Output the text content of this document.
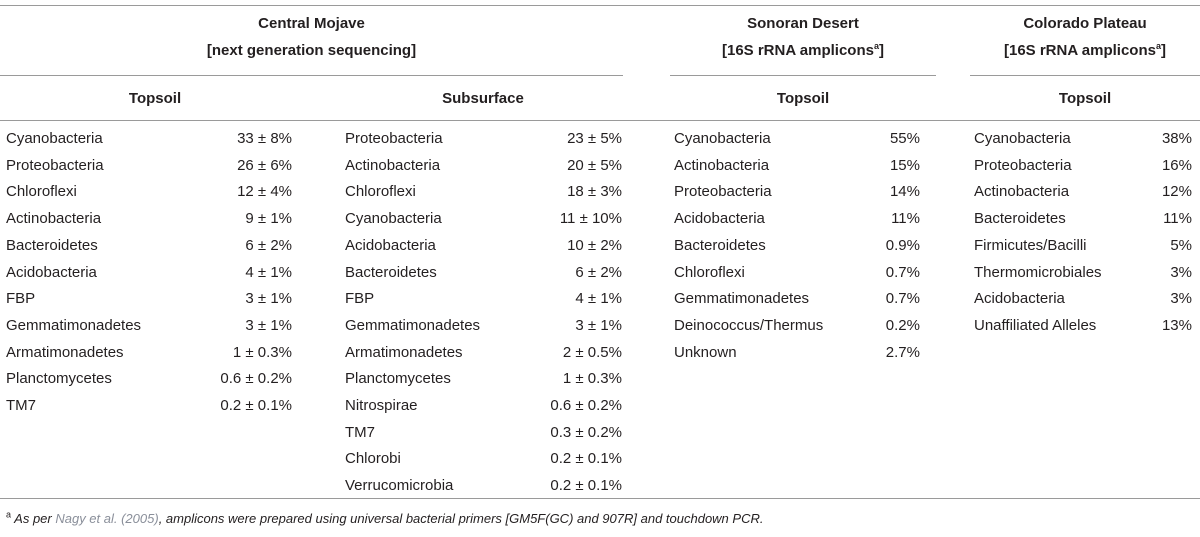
Central Mojave
[next generation sequencing]
Sonoran Desert
[16S rRNA amplicons$^a$]
Colorado Plateau
[16S rRNA amplicons$^a$]
Topsoil	Subsurface	Topsoil	Topsoil
Cyanobacteria	33 ± 8%
Proteobacteria	26 ± 6%
Chloroflexi	12 ± 4%
Actinobacteria	9 ± 1%
Bacteroidetes	6 ± 2%
Acidobacteria	4 ± 1%
FBP	3 ± 1%
Gemmatimonadetes	3 ± 1%
Armatimonadetes	1 ± 0.3%
Planctomycetes	0.6 ± 0.2%
TM7	0.2 ± 0.1%
Proteobacteria	23 ± 5%
Actinobacteria	20 ± 5%
Chloroflexi	18 ± 3%
Cyanobacteria	11 ± 10%
Acidobacteria	10 ± 2%
Bacteroidetes	6 ± 2%
FBP	4 ± 1%
Gemmatimonadetes	3 ± 1%
Armatimonadetes	2 ± 0.5%
Planctomycetes	1 ± 0.3%
Nitrospirae	0.6 ± 0.2%
TM7	0.3 ± 0.2%
Chlorobi	0.2 ± 0.1%
Verrucomicrobia	0.2 ± 0.1%
Cyanobacteria	55%
Actinobacteria	15%
Proteobacteria	14%
Acidobacteria	11%
Bacteroidetes	0.9%
Chloroflexi	0.7%
Gemmatimonadetes	0.7%
Deinococcus/Thermus	0.2%
Unknown	2.7%
Cyanobacteria	38%
Proteobacteria	16%
Actinobacteria	12%
Bacteroidetes	11%
Firmicutes/Bacilli	5%
Thermomicrobiales	3%
Acidobacteria	3%
Unaffiliated Alleles	13%
$^a$ As per Nagy et al. (2005), amplicons were prepared using universal bacterial primers [GM5F(GC) and 907R] and touchdown PCR.
